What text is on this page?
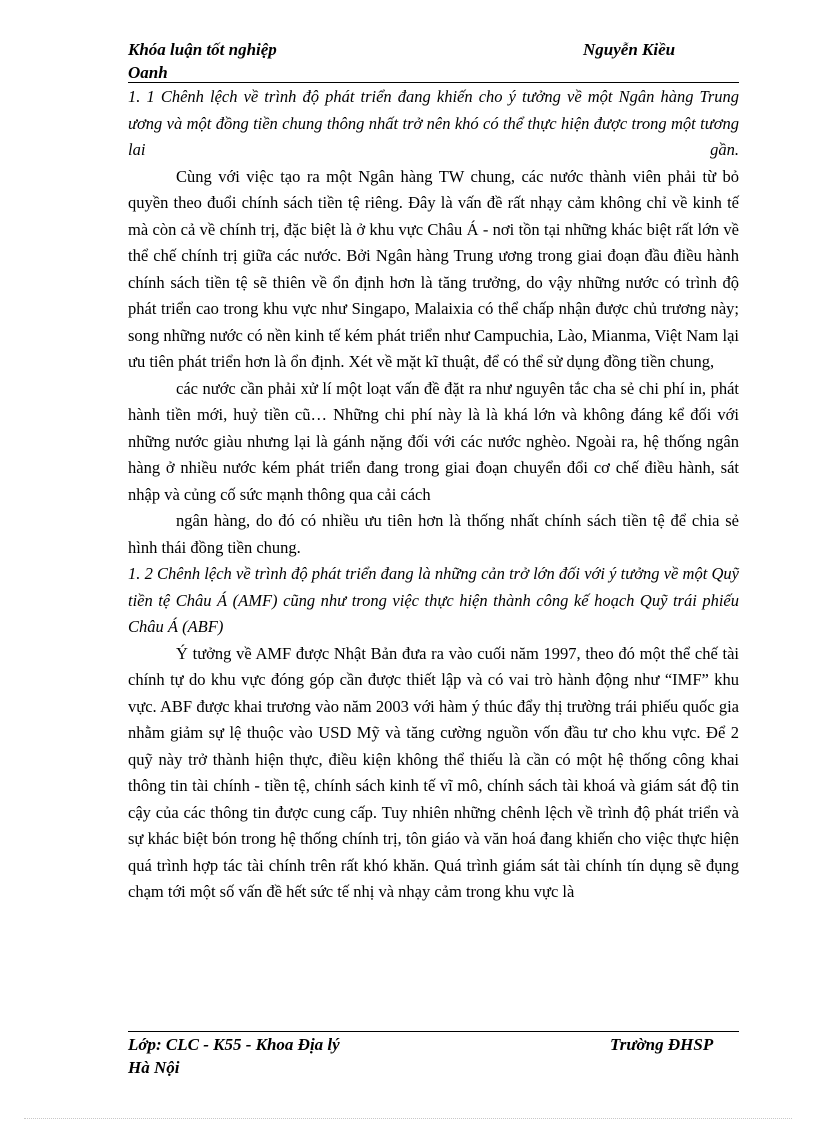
Khóa luận tốt nghiệp
Oanh
Nguyễn Kiều

1. 1 Chênh lệch về trình độ phát triển đang khiến cho ý tưởng về một Ngân hàng Trung ương và một đồng tiền chung thông nhất trở nên khó có thể thực hiện được trong một tương lai gần.

Cùng với việc tạo ra một Ngân hàng TW chung, các nước thành viên phải từ bỏ quyền theo đuổi chính sách tiền tệ riêng. Đây là vấn đề rất nhạy cảm không chỉ về kinh tế mà còn cả về chính trị, đặc biệt là ở khu vực Châu Á - nơi tồn tại những khác biệt rất lớn về thể chế chính trị giữa các nước. Bởi Ngân hàng Trung ương trong giai đoạn đầu điều hành chính sách tiền tệ sẽ thiên về ổn định hơn là tăng trưởng, do vậy những nước có trình độ phát triển cao trong khu vực như Singapo, Malaixia có thể chấp nhận được chủ trương này; song những nước có nền kinh tế kém phát triển như Campuchia, Lào, Mianma, Việt Nam lại ưu tiên phát triển hơn là ổn định. Xét về mặt kĩ thuật, để có thể sử dụng đồng tiền chung,

các nước cần phải xử lí một loạt vấn đề đặt ra như nguyên tắc cha sẻ chi phí in, phát hành tiền mới, huỷ tiền cũ… Những chi phí này là là khá lớn và không đáng kể đối với những nước giàu nhưng lại là gánh nặng đối với các nước nghèo. Ngoài ra, hệ thống ngân hàng ở nhiều nước kém phát triển đang trong giai đoạn chuyển đổi cơ chế điều hành, sát nhập và củng cố sức mạnh thông qua cải cách

ngân hàng, do đó có nhiều ưu tiên hơn là thống nhất chính sách tiền tệ để chia sẻ hình thái đồng tiền chung.

1. 2 Chênh lệch về trình độ phát triển đang là những cản trở lớn đối với ý tưởng về một Quỹ tiền tệ Châu Á (AMF) cũng như trong việc thực hiện thành công kế hoạch Quỹ trái phiếu Châu Á (ABF)

Ý tưởng về AMF được Nhật Bản đưa ra vào cuối năm 1997, theo đó một thể chế tài chính tự do khu vực đóng góp cần được thiết lập và có vai trò hành động như “IMF” khu vực. ABF được khai trương vào năm 2003 với hàm ý thúc đẩy thị trường trái phiếu quốc gia nhằm giảm sự lệ thuộc vào USD Mỹ và tăng cường nguồn vốn đầu tư cho khu vực. Để 2 quỹ này trở thành hiện thực, điều kiện không thể thiếu là cần có một hệ thống công khai thông tin tài chính - tiền tệ, chính sách kinh tế vĩ mô, chính sách tài khoá và giám sát độ tin cậy của các thông tin được cung cấp. Tuy nhiên những chênh lệch về trình độ phát triển và sự khác biệt bón trong hệ thống chính trị, tôn giáo và văn hoá đang khiến cho việc thực hiện quá trình hợp tác tài chính trên rất khó khăn. Quá trình giám sát tài chính tín dụng sẽ đụng chạm tới một số vấn đề hết sức tế nhị và nhạy cảm trong khu vực là

Lớp: CLC - K55 - Khoa Địa lý
Hà Nội
Trường ĐHSP
